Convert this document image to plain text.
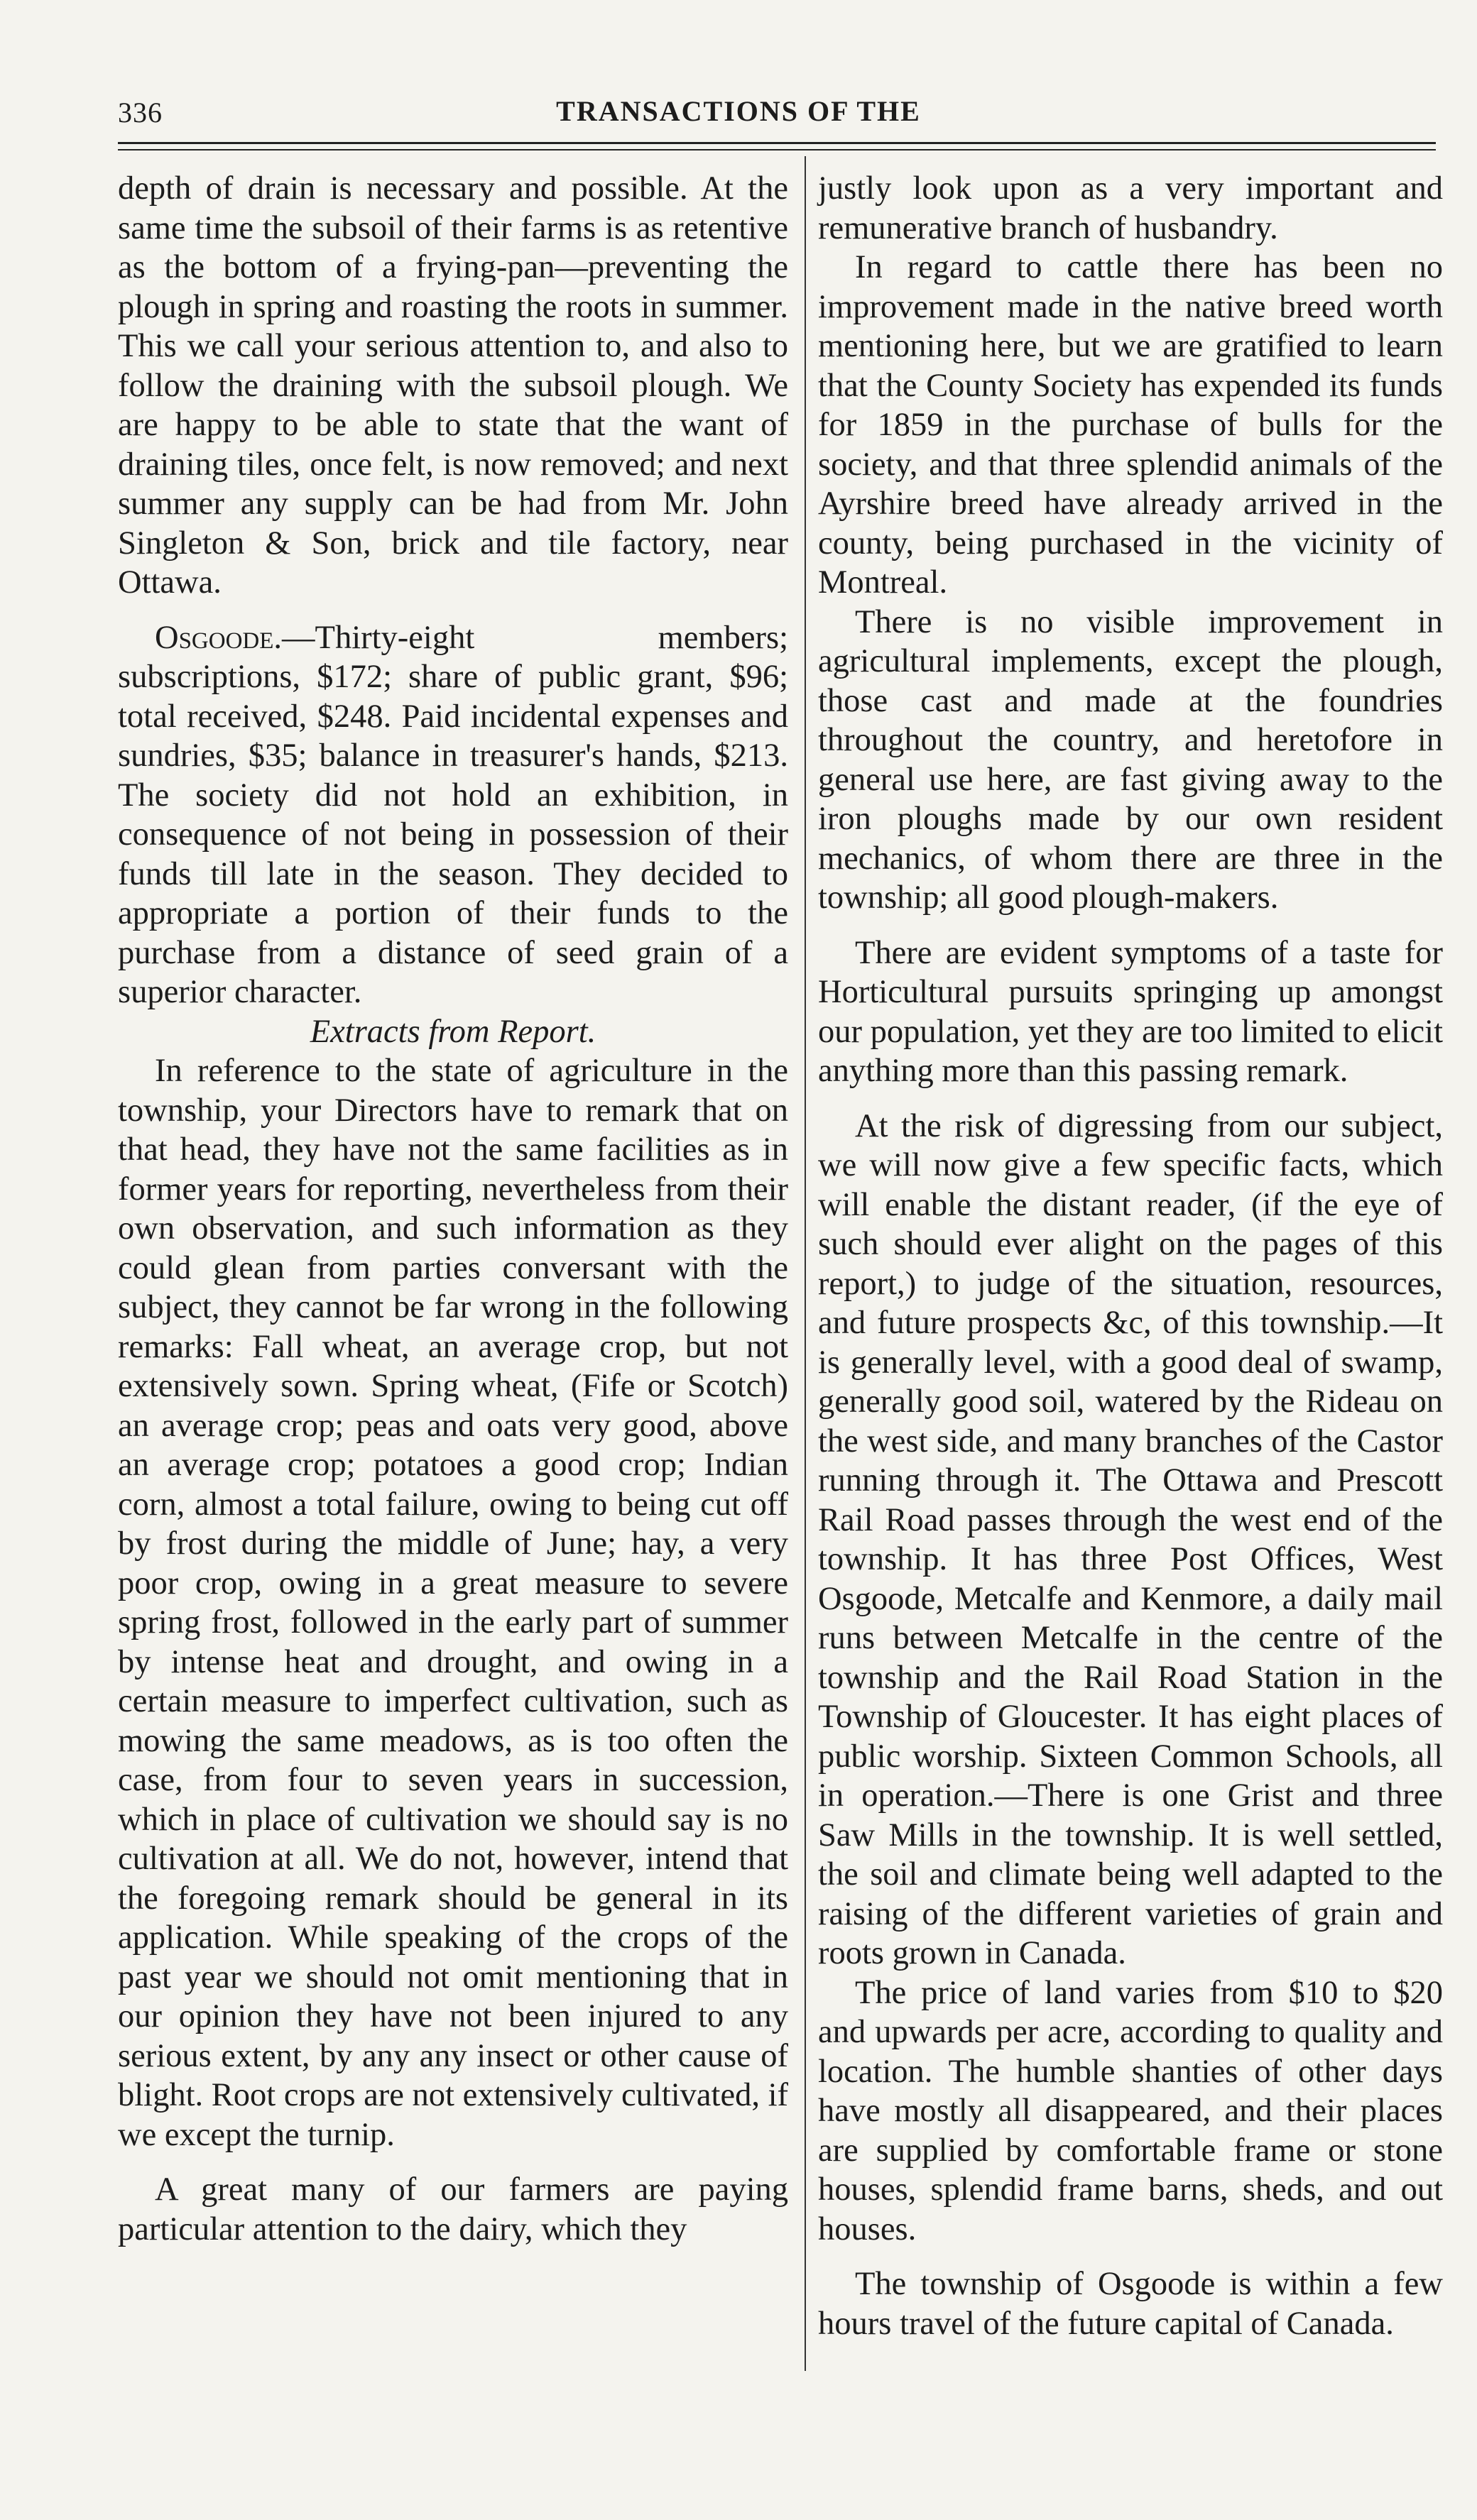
336	TRANSACTIONS OF THE

depth of drain is necessary and possible. At the same time the subsoil of their farms is as retentive as the bottom of a frying-pan—preventing the plough in spring and roasting the roots in summer. This we call your serious attention to, and also to follow the draining with the subsoil plough. We are happy to be able to state that the want of draining tiles, once felt, is now removed; and next summer any supply can be had from Mr. John Singleton & Son, brick and tile factory, near Ottawa.

Osgoode.—Thirty-eight members; subscriptions, $172; share of public grant, $96; total received, $248. Paid incidental expenses and sundries, $35; balance in treasurer's hands, $213. The society did not hold an exhibition, in consequence of not being in possession of their funds till late in the season. They decided to appropriate a portion of their funds to the purchase from a distance of seed grain of a superior character.

Extracts from Report.

In reference to the state of agriculture in the township, your Directors have to remark that on that head, they have not the same facilities as in former years for reporting, nevertheless from their own observation, and such information as they could glean from parties conversant with the subject, they cannot be far wrong in the following remarks: Fall wheat, an average crop, but not extensively sown. Spring wheat, (Fife or Scotch) an average crop; peas and oats very good, above an average crop; potatoes a good crop; Indian corn, almost a total failure, owing to being cut off by frost during the middle of June; hay, a very poor crop, owing in a great measure to severe spring frost, followed in the early part of summer by intense heat and drought, and owing in a certain measure to imperfect cultivation, such as mowing the same meadows, as is too often the case, from four to seven years in succession, which in place of cultivation we should say is no cultivation at all. We do not, however, intend that the foregoing remark should be general in its application. While speaking of the crops of the past year we should not omit mentioning that in our opinion they have not been injured to any serious extent, by any any insect or other cause of blight. Root crops are not extensively cultivated, if we except the turnip.

A great many of our farmers are paying particular attention to the dairy, which they

justly look upon as a very important and remunerative branch of husbandry.

In regard to cattle there has been no improvement made in the native breed worth mentioning here, but we are gratified to learn that the County Society has expended its funds for 1859 in the purchase of bulls for the society, and that three splendid animals of the Ayrshire breed have already arrived in the county, being purchased in the vicinity of Montreal.

There is no visible improvement in agricultural implements, except the plough, those cast and made at the foundries throughout the country, and heretofore in general use here, are fast giving away to the iron ploughs made by our own resident mechanics, of whom there are three in the township; all good plough-makers.

There are evident symptoms of a taste for Horticultural pursuits springing up amongst our population, yet they are too limited to elicit anything more than this passing remark.

At the risk of digressing from our subject, we will now give a few specific facts, which will enable the distant reader, (if the eye of such should ever alight on the pages of this report,) to judge of the situation, resources, and future prospects &c, of this township.—It is generally level, with a good deal of swamp, generally good soil, watered by the Rideau on the west side, and many branches of the Castor running through it. The Ottawa and Prescott Rail Road passes through the west end of the township. It has three Post Offices, West Osgoode, Metcalfe and Kenmore, a daily mail runs between Metcalfe in the centre of the township and the Rail Road Station in the Township of Gloucester. It has eight places of public worship. Sixteen Common Schools, all in operation.—There is one Grist and three Saw Mills in the township. It is well settled, the soil and climate being well adapted to the raising of the different varieties of grain and roots grown in Canada.

The price of land varies from $10 to $20 and upwards per acre, according to quality and location. The humble shanties of other days have mostly all disappeared, and their places are supplied by comfortable frame or stone houses, splendid frame barns, sheds, and out houses.

The township of Osgoode is within a few hours travel of the future capital of Canada.
